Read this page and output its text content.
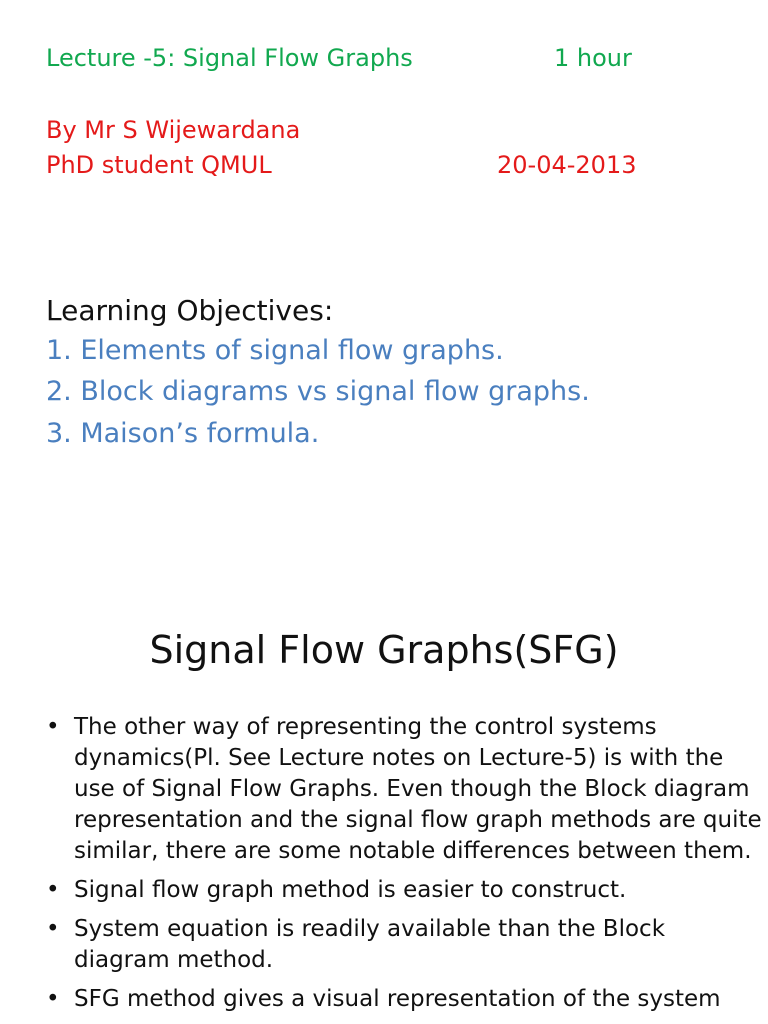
Lecture -5: Signal Flow Graphs	1 hour
By Mr S Wijewardana
PhD student QMUL	20-04-2013
Learning Objectives:
1. Elements of signal flow graphs.
2. Block diagrams vs signal flow graphs.
3. Maison’s formula.
Signal Flow Graphs(SFG)
• The other way of representing the control systems dynamics(Pl. See Lecture notes on Lecture-5) is with the use of Signal Flow Graphs. Even though the Block diagram representation and the signal flow graph methods are quite similar, there are some notable differences between them.
• Signal flow graph method is easier to construct.
• System equation is readily available than the Block diagram method.
• SFG method gives a visual representation of the system
